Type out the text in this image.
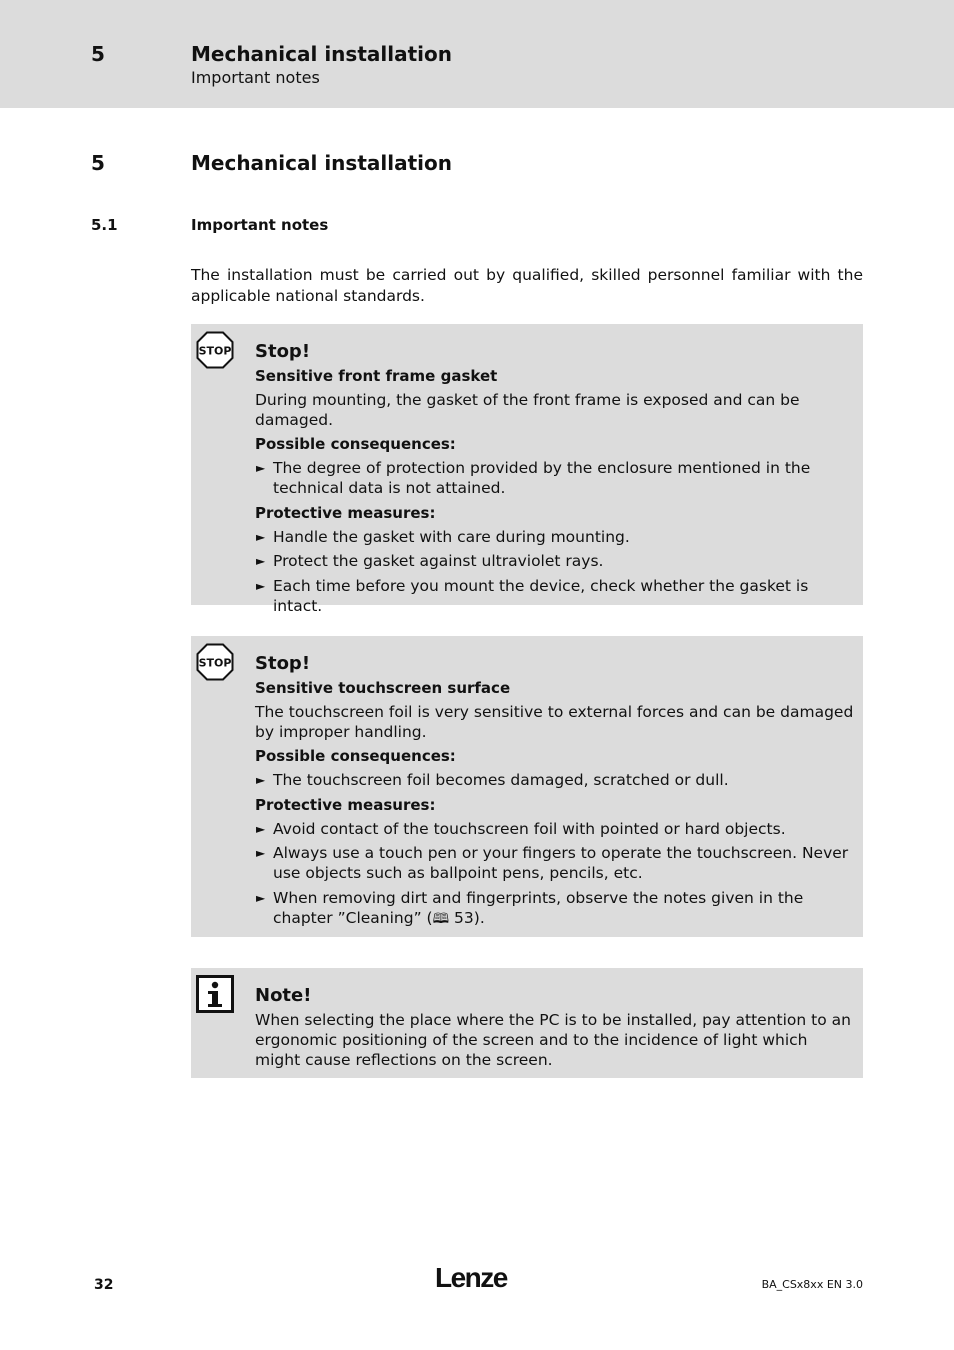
5	Mechanical installation
Important notes
5	Mechanical installation
5.1	Important notes

The installation must be carried out by qualified, skilled personnel familiar with the applicable national standards.

STOP Stop!

Sensitive front frame gasket

During mounting, the gasket of the front frame is exposed and can be damaged.

Possible consequences:

► The degree of protection provided by the enclosure mentioned in the technical data is not attained.

Protective measures:

► Handle the gasket with care during mounting.
► Protect the gasket against ultraviolet rays.
► Each time before you mount the device, check whether the gasket is intact.
STOP Stop!

Sensitive touchscreen surface

The touchscreen foil is very sensitive to external forces and can be damaged by improper handling.

Possible consequences:

► The touchscreen foil becomes damaged, scratched or dull.

Protective measures:

► Avoid contact of the touchscreen foil with pointed or hard objects.
► Always use a touch pen or your fingers to operate the touchscreen. Never use objects such as ballpoint pens, pencils, etc.
► When removing dirt and fingerprints, observe the notes given in the chapter ”Cleaning” (🕮 53).

Note!

When selecting the place where the PC is to be installed, pay attention to an ergonomic positioning of the screen and to the incidence of light which might cause reflections on the screen.

32	Lenze	BA_CSx8xx EN 3.0
